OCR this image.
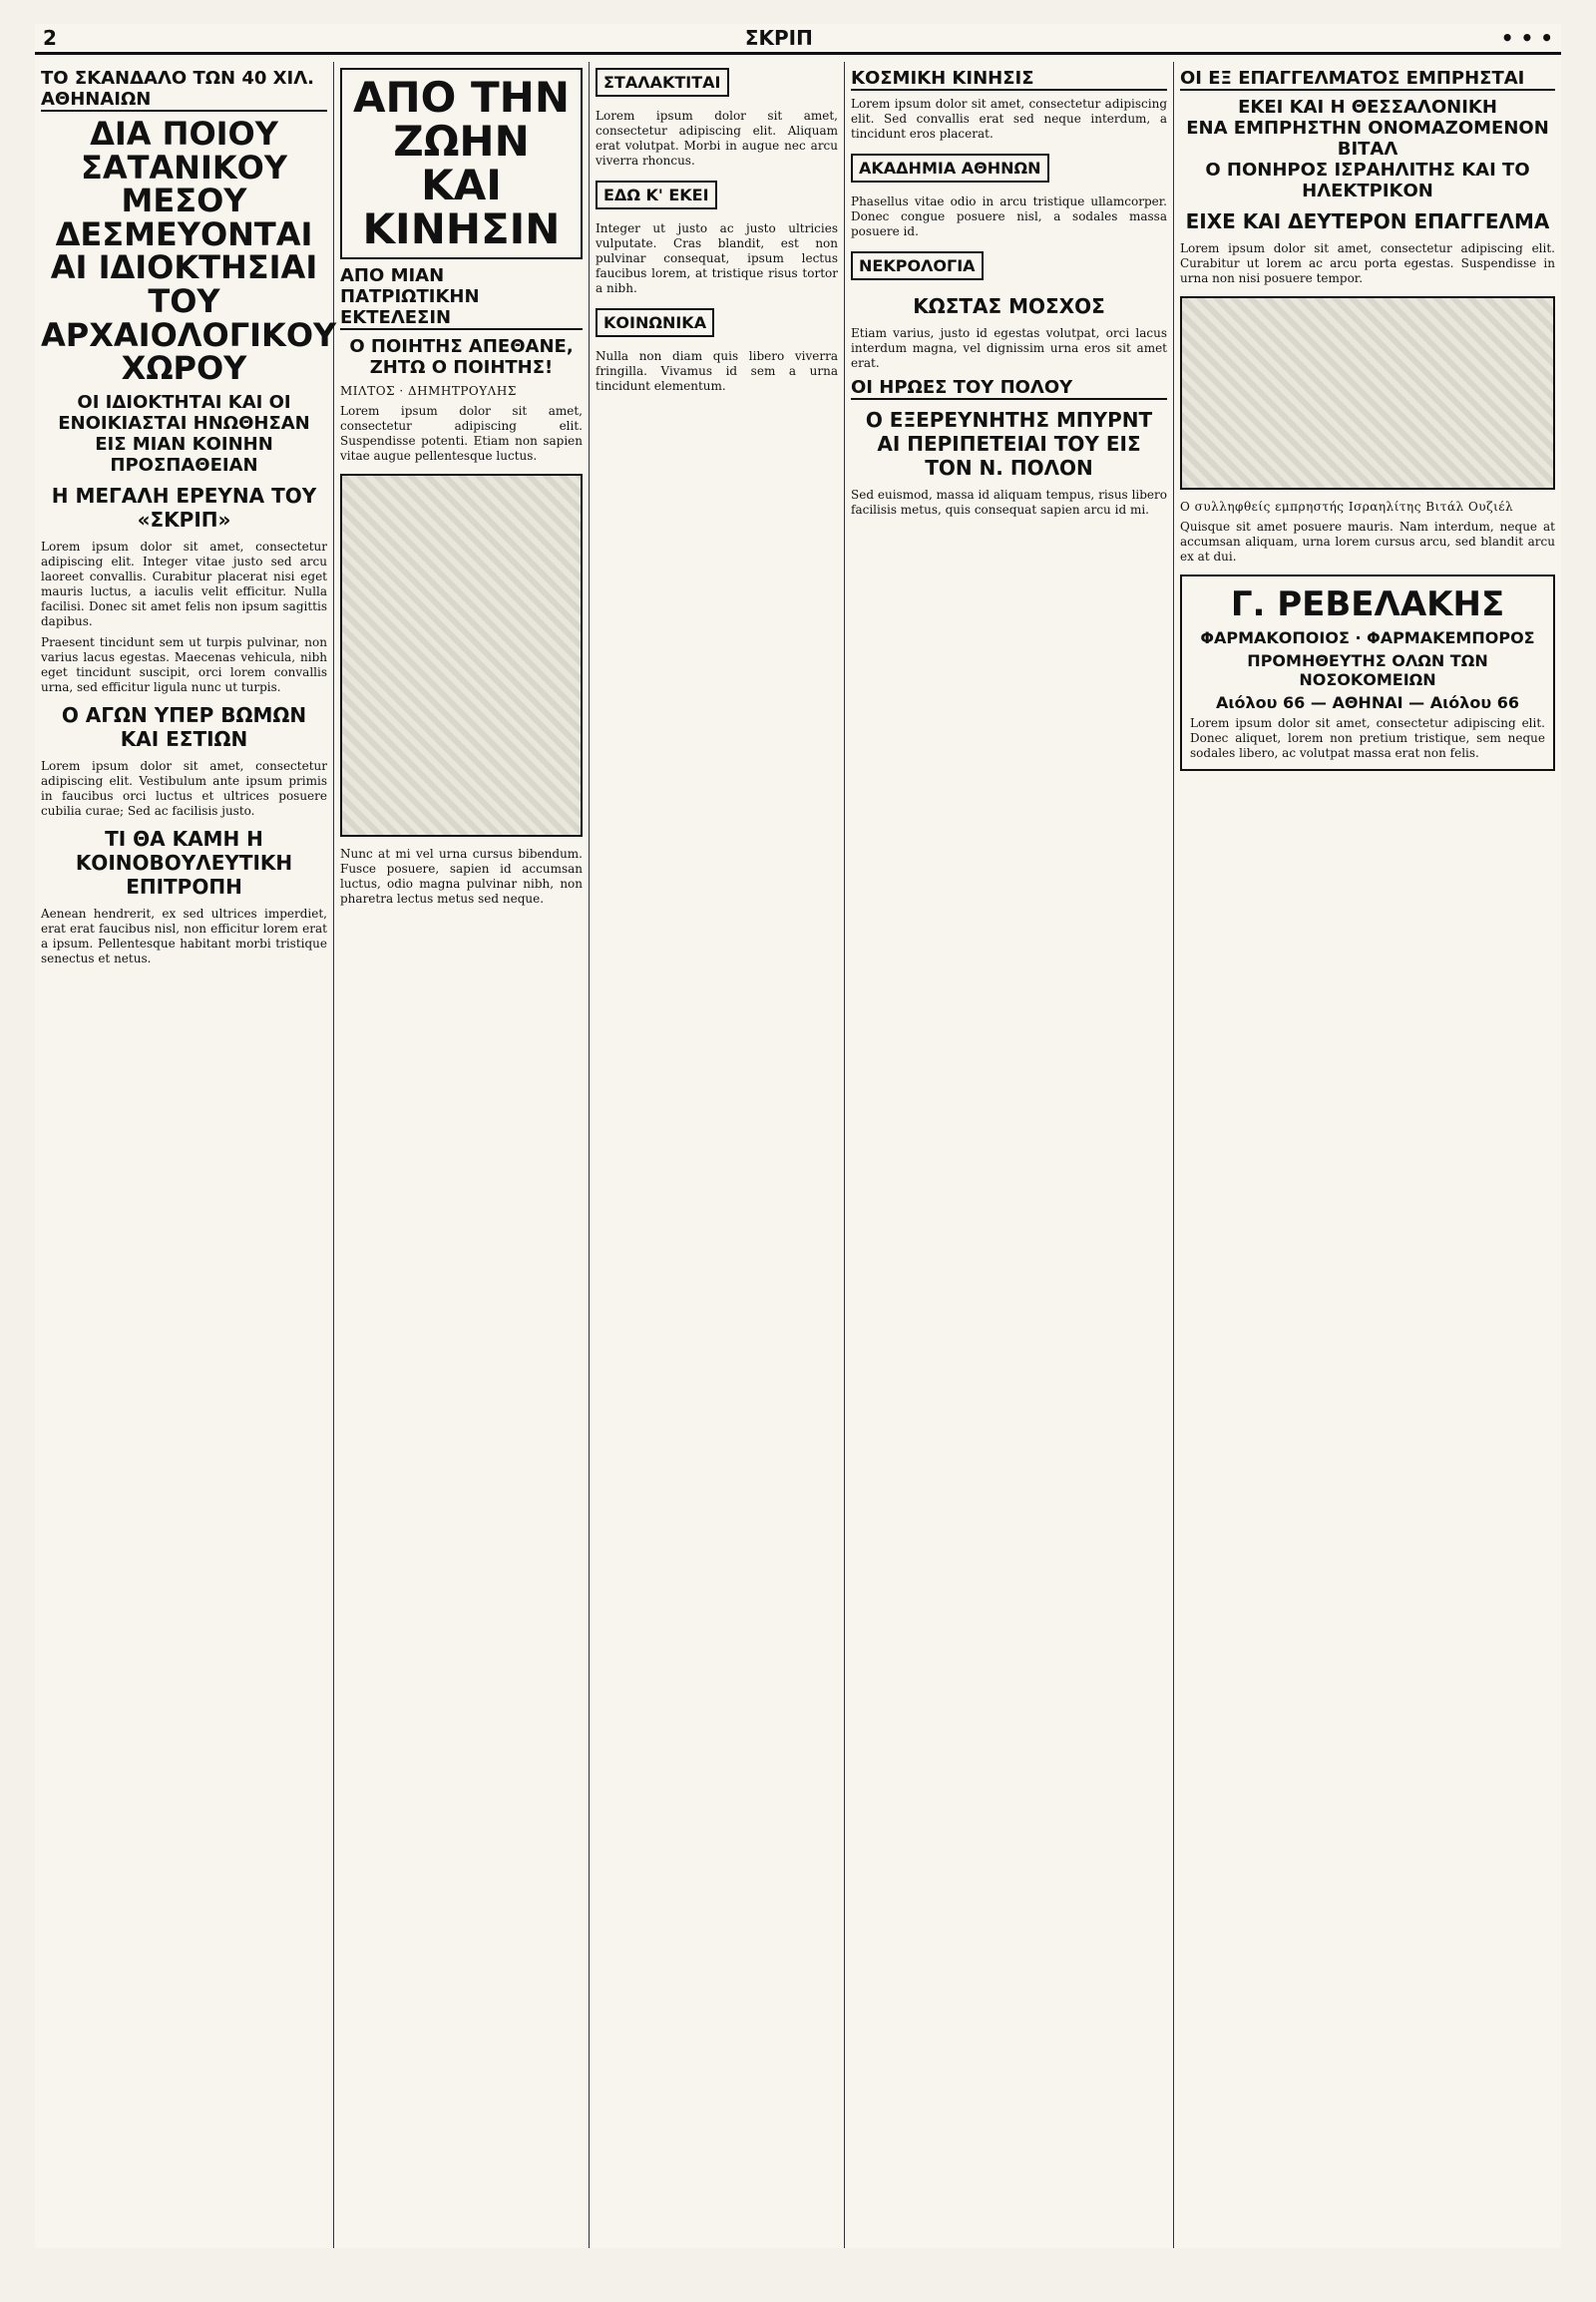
2	ΣΚΡΙΠ	• • •
ΤΟ ΣΚΑΝΔΑΛΟ ΤΩΝ 40 ΧΙΛ. ΑΘΗΝΑΙΩΝ
ΔΙΑ ΠΟΙΟΥ ΣΑΤΑΝΙΚΟΥ ΜΕΣΟΥ
ΔΕΣΜΕΥΟΝΤΑΙ ΑΙ ΙΔΙΟΚΤΗΣΙΑΙ
ΤΟΥ ΑΡΧΑΙΟΛΟΓΙΚΟΥ ΧΩΡΟΥ
ΟΙ ΙΔΙΟΚΤΗΤΑΙ ΚΑΙ ΟΙ ΕΝΟΙΚΙΑΣΤΑΙ ΗΝΩΘΗΣΑΝ
ΕΙΣ ΜΙΑΝ ΚΟΙΝΗΝ ΠΡΟΣΠΑΘΕΙΑΝ
Η ΜΕΓΑΛΗ ΕΡΕΥΝΑ ΤΟΥ «ΣΚΡΙΠ»
Lorem ipsum dolor sit amet, consectetur adipiscing elit. Integer vitae justo sed arcu laoreet convallis. Curabitur placerat nisi eget mauris luctus, a iaculis velit efficitur. Nulla facilisi. Donec sit amet felis non ipsum sagittis dapibus.
Praesent tincidunt sem ut turpis pulvinar, non varius lacus egestas. Maecenas vehicula, nibh eget tincidunt suscipit, orci lorem convallis urna, sed efficitur ligula nunc ut turpis.
Ο ΑΓΩΝ ΥΠΕΡ ΒΩΜΩΝ ΚΑΙ ΕΣΤΙΩΝ
Lorem ipsum dolor sit amet, consectetur adipiscing elit. Vestibulum ante ipsum primis in faucibus orci luctus et ultrices posuere cubilia curae; Sed ac facilisis justo.
ΤΙ ΘΑ ΚΑΜΗ Η ΚΟΙΝΟΒΟΥΛΕΥΤΙΚΗ ΕΠΙΤΡΟΠΗ
Aenean hendrerit, ex sed ultrices imperdiet, erat erat faucibus nisl, non efficitur lorem erat a ipsum. Pellentesque habitant morbi tristique senectus et netus.
ΑΠΟ ΤΗΝ ΖΩΗΝ ΚΑΙ ΚΙΝΗΣΙΝ
ΑΠΟ ΜΙΑΝ ΠΑΤΡΙΩΤΙΚΗΝ ΕΚΤΕΛΕΣΙΝ
Ο ΠΟΙΗΤΗΣ ΑΠΕΘΑΝΕ,
ΖΗΤΩ Ο ΠΟΙΗΤΗΣ!
ΜΙΛΤΟΣ · ΔΗΜΗΤΡΟΥΛΗΣ
Lorem ipsum dolor sit amet, consectetur adipiscing elit. Suspendisse potenti. Etiam non sapien vitae augue pellentesque luctus.
Nunc at mi vel urna cursus bibendum. Fusce posuere, sapien id accumsan luctus, odio magna pulvinar nibh, non pharetra lectus metus sed neque.
ΣΤΑΛΑΚΤΙΤΑΙ
Lorem ipsum dolor sit amet, consectetur adipiscing elit. Aliquam erat volutpat. Morbi in augue nec arcu viverra rhoncus.
ΕΔΩ Κ' ΕΚΕΙ
Integer ut justo ac justo ultricies vulputate. Cras blandit, est non pulvinar consequat, ipsum lectus faucibus lorem, at tristique risus tortor a nibh.
ΚΟΙΝΩΝΙΚΑ
Nulla non diam quis libero viverra fringilla. Vivamus id sem a urna tincidunt elementum.
ΚΟΣΜΙΚΗ ΚΙΝΗΣΙΣ
Lorem ipsum dolor sit amet, consectetur adipiscing elit. Sed convallis erat sed neque interdum, a tincidunt eros placerat.
ΑΚΑΔΗΜΙΑ ΑΘΗΝΩΝ
Phasellus vitae odio in arcu tristique ullamcorper. Donec congue posuere nisl, a sodales massa posuere id.
ΝΕΚΡΟΛΟΓΙΑ
ΚΩΣΤΑΣ ΜΟΣΧΟΣ
Etiam varius, justo id egestas volutpat, orci lacus interdum magna, vel dignissim urna eros sit amet erat.
ΟΙ ΗΡΩΕΣ ΤΟΥ ΠΟΛΟΥ
Ο ΕΞΕΡΕΥΝΗΤΗΣ ΜΠΥΡΝΤ
ΑΙ ΠΕΡΙΠΕΤΕΙΑΙ ΤΟΥ ΕΙΣ ΤΟΝ Ν. ΠΟΛΟΝ
Sed euismod, massa id aliquam tempus, risus libero facilisis metus, quis consequat sapien arcu id mi.
ΟΙ ΕΞ ΕΠΑΓΓΕΛΜΑΤΟΣ ΕΜΠΡΗΣΤΑΙ
ΕΚΕΙ ΚΑΙ Η ΘΕΣΣΑΛΟΝΙΚΗ
ΕΝΑ ΕΜΠΡΗΣΤΗΝ ΟΝΟΜΑΖΟΜΕΝΟΝ ΒΙΤΑΛ
Ο ΠΟΝΗΡΟΣ ΙΣΡΑΗΛΙΤΗΣ ΚΑΙ ΤΟ ΗΛΕΚΤΡΙΚΟΝ
ΕΙΧΕ ΚΑΙ ΔΕΥΤΕΡΟΝ ΕΠΑΓΓΕΛΜΑ
Lorem ipsum dolor sit amet, consectetur adipiscing elit. Curabitur ut lorem ac arcu porta egestas. Suspendisse in urna non nisi posuere tempor.
Ο συλληφθείς εμπρηστής Ισραηλίτης Βιτάλ Ουζιέλ
Quisque sit amet posuere mauris. Nam interdum, neque at accumsan aliquam, urna lorem cursus arcu, sed blandit arcu ex at dui.
Γ. ΡΕΒΕΛΑΚΗΣ
ΦΑΡΜΑΚΟΠΟΙΟΣ · ΦΑΡΜΑΚΕΜΠΟΡΟΣ
ΠΡΟΜΗΘΕΥΤΗΣ ΟΛΩΝ ΤΩΝ ΝΟΣΟΚΟΜΕΙΩΝ
Αιόλου 66 — ΑΘΗΝΑΙ — Αιόλου 66
Lorem ipsum dolor sit amet, consectetur adipiscing elit. Donec aliquet, lorem non pretium tristique, sem neque sodales libero, ac volutpat massa erat non felis.
